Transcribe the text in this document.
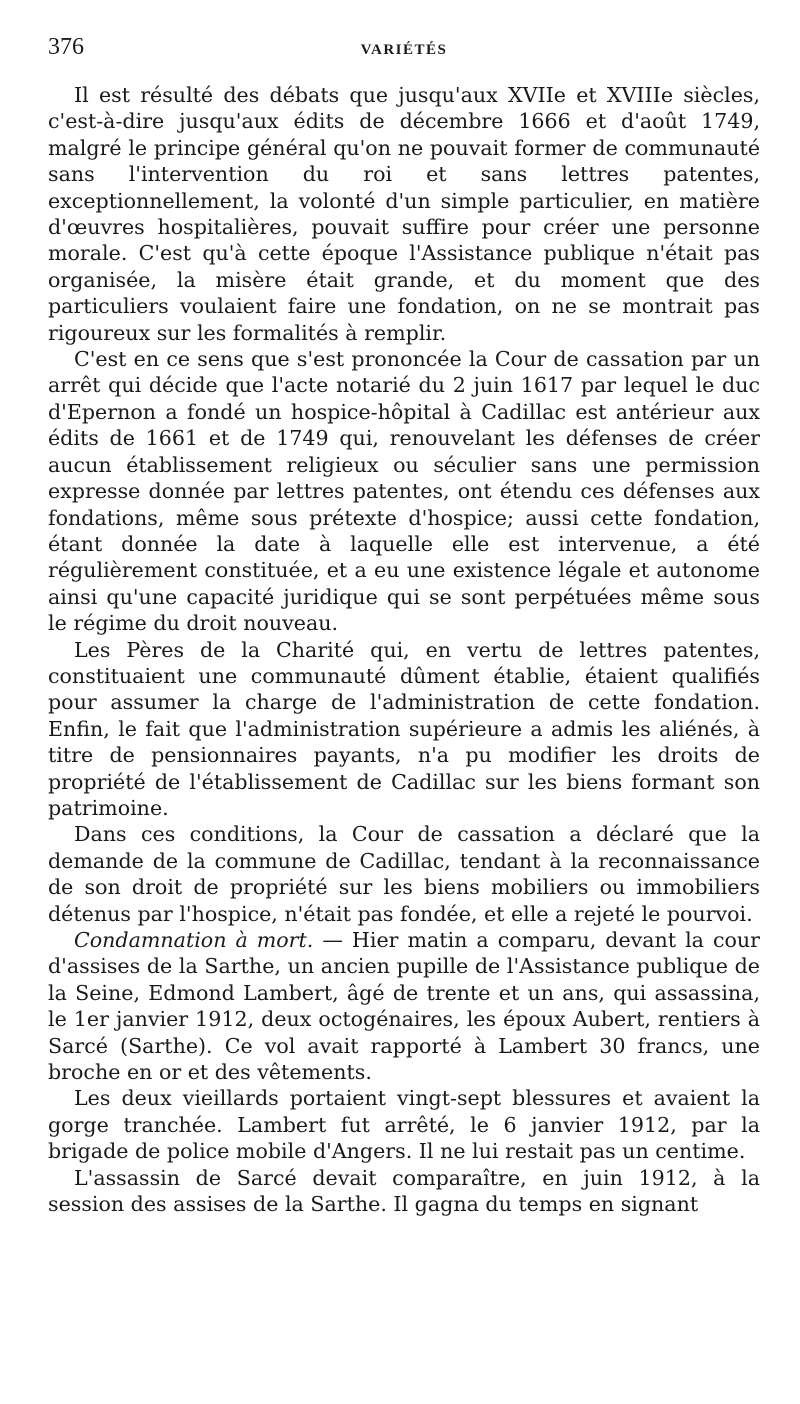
376	VARIÉTÉS

Il est résulté des débats que jusqu'aux XVIIe et XVIIIe siècles, c'est-à-dire jusqu'aux édits de décembre 1666 et d'août 1749, malgré le principe général qu'on ne pouvait former de communauté sans l'intervention du roi et sans lettres patentes, exceptionnellement, la volonté d'un simple particulier, en matière d'œuvres hospitalières, pouvait suffire pour créer une personne morale. C'est qu'à cette époque l'Assistance publique n'était pas organisée, la misère était grande, et du moment que des particuliers voulaient faire une fondation, on ne se montrait pas rigoureux sur les formalités à remplir.

C'est en ce sens que s'est prononcée la Cour de cassation par un arrêt qui décide que l'acte notarié du 2 juin 1617 par lequel le duc d'Epernon a fondé un hospice-hôpital à Cadillac est antérieur aux édits de 1661 et de 1749 qui, renouvelant les défenses de créer aucun établissement religieux ou séculier sans une permission expresse donnée par lettres patentes, ont étendu ces défenses aux fondations, même sous prétexte d'hospice; aussi cette fondation, étant donnée la date à laquelle elle est intervenue, a été régulièrement constituée, et a eu une existence légale et autonome ainsi qu'une capacité juridique qui se sont perpétuées même sous le régime du droit nouveau.

Les Pères de la Charité qui, en vertu de lettres patentes, constituaient une communauté dûment établie, étaient qualifiés pour assumer la charge de l'administration de cette fondation. Enfin, le fait que l'administration supérieure a admis les aliénés, à titre de pensionnaires payants, n'a pu modifier les droits de propriété de l'établissement de Cadillac sur les biens formant son patrimoine.

Dans ces conditions, la Cour de cassation a déclaré que la demande de la commune de Cadillac, tendant à la reconnaissance de son droit de propriété sur les biens mobiliers ou immobiliers détenus par l'hospice, n'était pas fondée, et elle a rejeté le pourvoi.

Condamnation à mort. — Hier matin a comparu, devant la cour d'assises de la Sarthe, un ancien pupille de l'Assistance publique de la Seine, Edmond Lambert, âgé de trente et un ans, qui assassina, le 1er janvier 1912, deux octogénaires, les époux Aubert, rentiers à Sarcé (Sarthe). Ce vol avait rapporté à Lambert 30 francs, une broche en or et des vêtements.

Les deux vieillards portaient vingt-sept blessures et avaient la gorge tranchée. Lambert fut arrêté, le 6 janvier 1912, par la brigade de police mobile d'Angers. Il ne lui restait pas un centime.

L'assassin de Sarcé devait comparaître, en juin 1912, à la session des assises de la Sarthe. Il gagna du temps en signant
